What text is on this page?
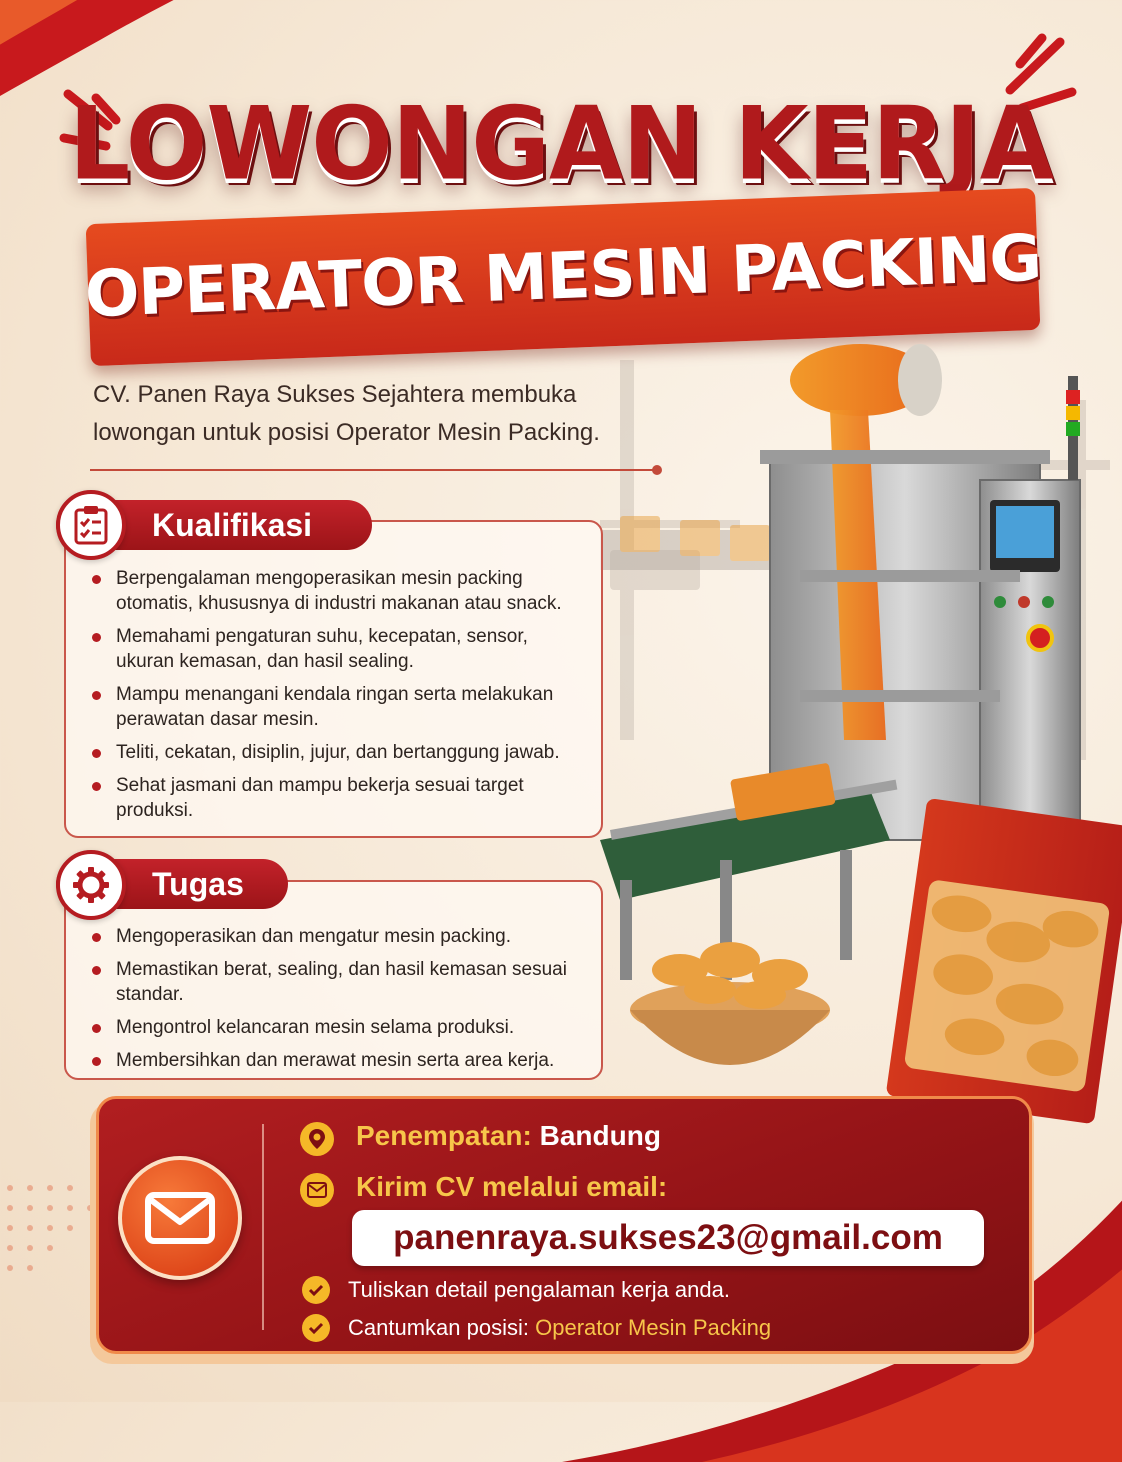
LOWONGAN KERJA
OPERATOR MESIN PACKING
CV. Panen Raya Sukses Sejahtera membuka
lowongan untuk posisi Operator Mesin Packing.
Kualifikasi
Berpengalaman mengoperasikan mesin packing otomatis, khususnya di industri makanan atau snack.
Memahami pengaturan suhu, kecepatan, sensor, ukuran kemasan, dan hasil sealing.
Mampu menangani kendala ringan serta melakukan perawatan dasar mesin.
Teliti, cekatan, disiplin, jujur, dan bertanggung jawab.
Sehat jasmani dan mampu bekerja sesuai target produksi.
Tugas
Mengoperasikan dan mengatur mesin packing.
Memastikan berat, sealing, dan hasil kemasan sesuai standar.
Mengontrol kelancaran mesin selama produksi.
Membersihkan dan merawat mesin serta area kerja.
Penempatan: Bandung
Kirim CV melalui email:
panenraya.sukses23@gmail.com
Tuliskan detail pengalaman kerja anda.
Cantumkan posisi: Operator Mesin Packing
